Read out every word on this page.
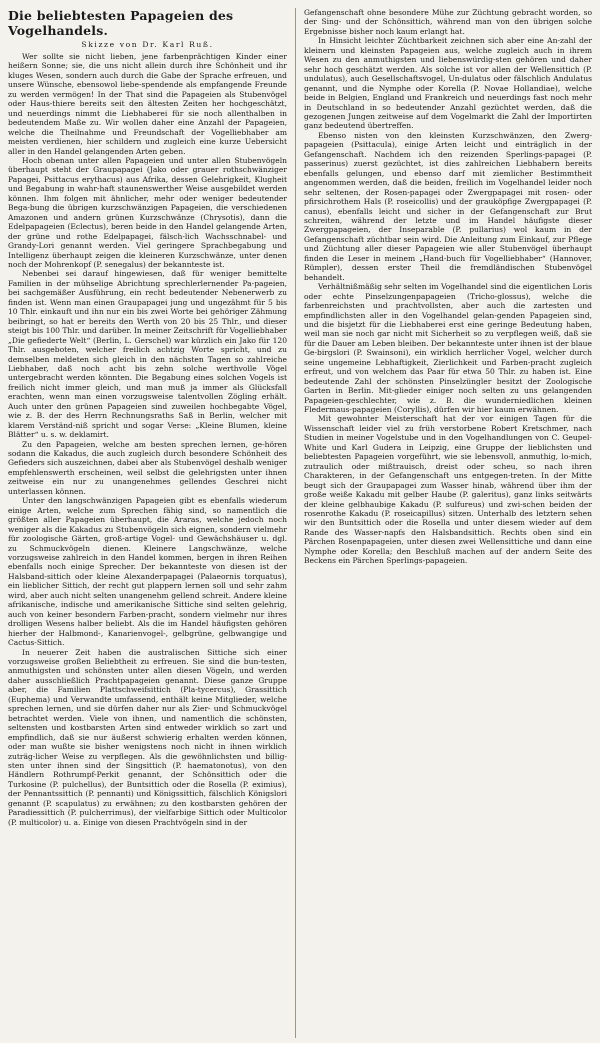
Die beliebtesten Papageien des Vogelhandels.
Skizze von Dr. Karl Ruß.

Wer sollte sie nicht lieben, jene farbenprächtigen Kinder einer heißern Sonne; sie, die uns nicht allein durch ihre Schönheit und ihr kluges Wesen, sondern auch durch die Gabe der Sprache erfreuen, und unsere Wünsche, ebensowol liebe-spendende als empfangende Freunde zu werden vermögen! In der That sind die Papageien als Stubenvögel oder Haus-thiere bereits seit den ältesten Zeiten her hochgeschätzt, und neuerdings nimmt die Liebhaberei für sie noch allenthalben in bedeutendem Maße zu. Wir wollen daher eine Anzahl der Papageien, welche die Theilnahme und Freundschaft der Vogelliebhaber am meisten verdienen, hier schildern und zugleich eine kurze Uebersicht aller in den Handel gelangenden Arten geben.

Hoch obenan unter allen Papageien und unter allen Stubenvögeln überhaupt steht der Graupapagei (Jako oder grauer rothschwänziger Papagei, Psittacus erythacus) aus Afrika, dessen Gelehrigkeit, Klugheit und Begabung in wahr-haft staunenswerther Weise ausgebildet werden können. Ihm folgen mit ähnlicher, mehr oder weniger bedeutender Bega-bung die übrigen kurzschwänzigen Papageien, die verschiedenen Amazonen und andern grünen Kurzschwänze (Chrysotis), dann die Edelpapageien (Eclectus), beren beide in den Handel gelangende Arten, der grüne und rothe Edelpapagei, fälsch-lich Wachsschnabel- und Grandy-Lori genannt werden. Viel geringere Sprachbegabung und Intelligenz überhaupt zeigen die kleineren Kurzschwänze, unter denen noch der Mohrenkopf (P. senegalus) der bekannteste ist.

Nebenbei sei darauf hingewiesen, daß für weniger bemittelte Familien in der mühselige Abrichtung sprechlerlernender Pa-pageien, bei sachgemäßer Ausführung, ein recht bedeutender Nebenerwerb zu finden ist. Wenn man einen Graupapagei jung und ungezähmt für 5 bis 10 Thlr. einkauft und ihn nur ein bis zwei Worte bei gehöriger Zähmung beibringt, so hat er bereits den Werth von 20 bis 25 Thlr., und dieser steigt bis 100 Thlr. und darüber. In meiner Zeitschrift für Vogelliebhaber „Die gefiederte Welt“ (Berlin, L. Gerschel) war kürzlich ein Jako für 120 Thlr. ausgeboten, welcher freilich achtzig Worte spricht, und zu demselben meldeten sich gleich in den nächsten Tagen so zahlreiche Liebhaber, daß noch acht bis zehn solche werthvolle Vögel untergebracht werden könnten. Die Begabung eines solchen Vogels ist freilich nicht immer gleich, und man muß ja immer als Glücksfall erachten, wenn man einen vorzugsweise talentvollen Zögling erhält. Auch unter den grünen Papageien sind zuweilen hochbegabte Vögel, wie z. B. der des Herrn Rechnungsraths Saß in Berlin, welcher mit klarem Verständ-niß spricht und sogar Verse: „Kleine Blumen, kleine Blätter“ u. s. w. deklamirt.

Zu den Papageien, welche am besten sprechen lernen, ge-hören sodann die Kakadus, die auch zugleich durch besondere Schönheit des Gefieders sich auszeichnen, dabei aber als Stubenvögel deshalb weniger empfehlenswerth erscheinen, weil selbst die gelehrigsten unter ihnen zeitweise ein nur zu unangenehmes gellendes Geschrei nicht unterlassen können.

Unter den langschwänzigen Papageien gibt es ebenfalls wiederum einige Arten, welche zum Sprechen fähig sind, so namentlich die größten aller Papageien überhaupt, die Araras, welche jedoch noch weniger als die Kakadus zu Stubenvögeln sich eignen, sondern vielmehr für zoologische Gärten, groß-artige Vogel- und Gewächshäuser u. dgl. zu Schmuckvögeln dienen. Kleinere Langschwänze, welche vorzugsweise zahlreich in den Handel kommen, bergen in ihren Reihen ebenfalls noch einige Sprecher. Der bekannteste von diesen ist der Halsband-sittich oder kleine Alexanderpapagei (Palaeornis torquatus), ein lieblicher Sittich, der recht gut plappern lernen soll und sehr zahm wird, aber auch nicht selten unangenehm gellend schreit. Andere kleine afrikanische, indische und amerikanische Sittiche sind selten gelehrig, auch von keiner besondern Farben-pracht, sondern vielmehr nur ihres drolligen Wesens halber beliebt. Als die im Handel häufigsten gehören hierher der Halbmond-, Kanarienvogel-, gelbgrüne, gelbwangige und Cactus-Sittich.

In neuerer Zeit haben die australischen Sittiche sich einer vorzugsweise großen Beliebtheit zu erfreuen. Sie sind die bun-testen, anmuthigsten und schönsten unter allen diesen Vögeln, und werden daher ausschließlich Prachtpapageien genannt. Diese ganze Gruppe aber, die Familien Plattschweifsittich (Pla-tycercus), Grassittich (Euphema) und Verwandte umfassend, enthält keine Mitglieder, welche sprechen lernen, und sie dürfen daher nur als Zier- und Schmuckvögel betrachtet werden. Viele von ihnen, und namentlich die schönsten, seltensten und kostbarsten Arten sind entweder wirklich so zart und empfindlich, daß sie nur äußerst schwierig erhalten werden können, oder man wußte sie bisher wenigstens noch nicht in ihnen wirklich zuträg-licher Weise zu verpflegen. Als die gewöhnlichsten und billig-sten unter ihnen sind der Singsittich (P. haematonotus), von den Händlern Rothrumpf-Perkit genannt, der Schönsittich oder die Turkosine (P. pulchellus), der Buntsittich oder die Rosella (P. eximius), der Pennantssittich (P. pennanti) und Königssittich, fälschlich Königslori genannt (P. scapulatus) zu erwähnen; zu den kostbarsten gehören der Paradiessittich (P. pulcherrimus), der vielfarbige Sittich oder Multicolor (P. multicolor) u. a. Einige von diesen Prachtvögeln sind in der

Gefangenschaft ohne besondere Mühe zur Züchtung gebracht worden, so der Sing- und der Schönsittich, während man von den übrigen solche Ergebnisse bisher noch kaum erlangt hat.

In Hinsicht leichter Züchtbarkeit zeichnen sich aber eine An-zahl der kleinern und kleinsten Papageien aus, welche zugleich auch in ihrem Wesen zu den anmuthigsten und liebenswürdig-sten gehören und daher sehr hoch geschätzt werden. Als solche ist vor allen der Wellensittich (P. undulatus), auch Gesellschaftsvogel, Un-dulatus oder fälschlich Andulatus genannt, und die Nymphe oder Korella (P. Novae Hollandiae), welche beide in Belgien, England und Frankreich und neuerdings fast noch mehr in Deutschland in so bedeutender Anzahl gezüchtet werden, daß die gezogenen Jungen zeitweise auf dem Vogelmarkt die Zahl der Importirten ganz bedeutend übertreffen.

Ebenso nisten von den kleinsten Kurzschwänzen, den Zwerg-papageien (Psittacula), einige Arten leicht und einträglich in der Gefangenschaft. Nachdem ich den reizenden Sperlings-papagei (P. passerinus) zuerst gezüchtet, ist dies zahlreichen Liebhabern bereits ebenfalls gelungen, und ebenso darf mit ziemlicher Bestimmtheit angenommen werden, daß die beiden, freilich im Vogelhandel leider noch sehr seltenen, der Rosen-papagei oder Zwergpapagei mit rosen- oder pfirsichrothem Hals (P. roseicollis) und der grauköpfige Zwergpapagei (P. canus), ebenfalls leicht und sicher in der Gefangenschaft zur Brut schreiten, während der letzte und im Handel häufigste dieser Zwergpapageien, der Inseparable (P. pullarius) wol kaum in der Gefangenschaft züchtbar sein wird. Die Anleitung zum Einkauf, zur Pflege und Züchtung aller dieser Papageien wie aller Stubenvögel überhaupt finden die Leser in meinem „Hand-buch für Vogelliebhaber“ (Hannover, Rümpler), dessen erster Theil die fremdländischen Stubenvögel behandelt.

Verhältnißmäßig sehr selten im Vogelhandel sind die eigentlichen Loris oder echte Pinselzungenpapageien (Tricho-glossus), welche die farbenreichsten und prachtvollsten, aber auch die zartesten und empfindlichsten aller in den Vogelhandel gelan-genden Papageien sind, und die bisjetzt für die Liebhaberei erst eine geringe Bedeutung haben, weil man sie noch gar nicht mit Sicherheit so zu verpflegen weiß, daß sie für die Dauer am Leben bleiben. Der bekannteste unter ihnen ist der blaue Ge-birgslori (P. Swainsoni), ein wirklich herrlicher Vogel, welcher durch seine ungemeine Lebhaftigkeit, Zierlichkeit und Farben-pracht zugleich erfreut, und von welchem das Paar für etwa 50 Thlr. zu haben ist. Eine bedeutende Zahl der schönsten Pinselzüngler besitzt der Zoologische Garten in Berlin. Mit-glieder einiger noch selten zu uns gelangenden Papageien-geschlechter, wie z. B. die wunderniedlichen kleinen Fledermaus-papageien (Coryllis), dürfen wir hier kaum erwähnen.

Mit gewohnter Meisterschaft hat der vor einigen Tagen für die Wissenschaft leider viel zu früh verstorbene Robert Kretschmer, nach Studien in meiner Vogelstube und in den Vogelhandlungen von C. Geupel-White und Karl Gudera in Leipzig, eine Gruppe der lieblichsten und beliebtesten Papageien vorgeführt, wie sie lebensvoll, anmuthig, lo-mich, zutraulich oder mißtrauisch, dreist oder scheu, so nach ihren Charakteren, in der Gefangenschaft uns entgegen-treten. In der Mitte beugt sich der Graupapagei zum Wasser hinab, während über ihm der große weiße Kakadu mit gelber Haube (P. galeritus), ganz links seitwärts der kleine gelbhaubige Kakadu (P. sulfureus) und zwi-schen beiden der rosenrothe Kakadu (P. roseicapillus) sitzen. Unterhalb des letztern sehen wir den Buntsittich oder die Rosella und unter diesem wieder auf dem Rande des Wasser-napfs den Halsbandsittich. Rechts oben sind ein Pärchen Rosenpapageien, unter diesen zwei Wellensittiche und dann eine Nymphe oder Korella; den Beschluß machen auf der andern Seite des Beckens ein Pärchen Sperlings-papageien.
